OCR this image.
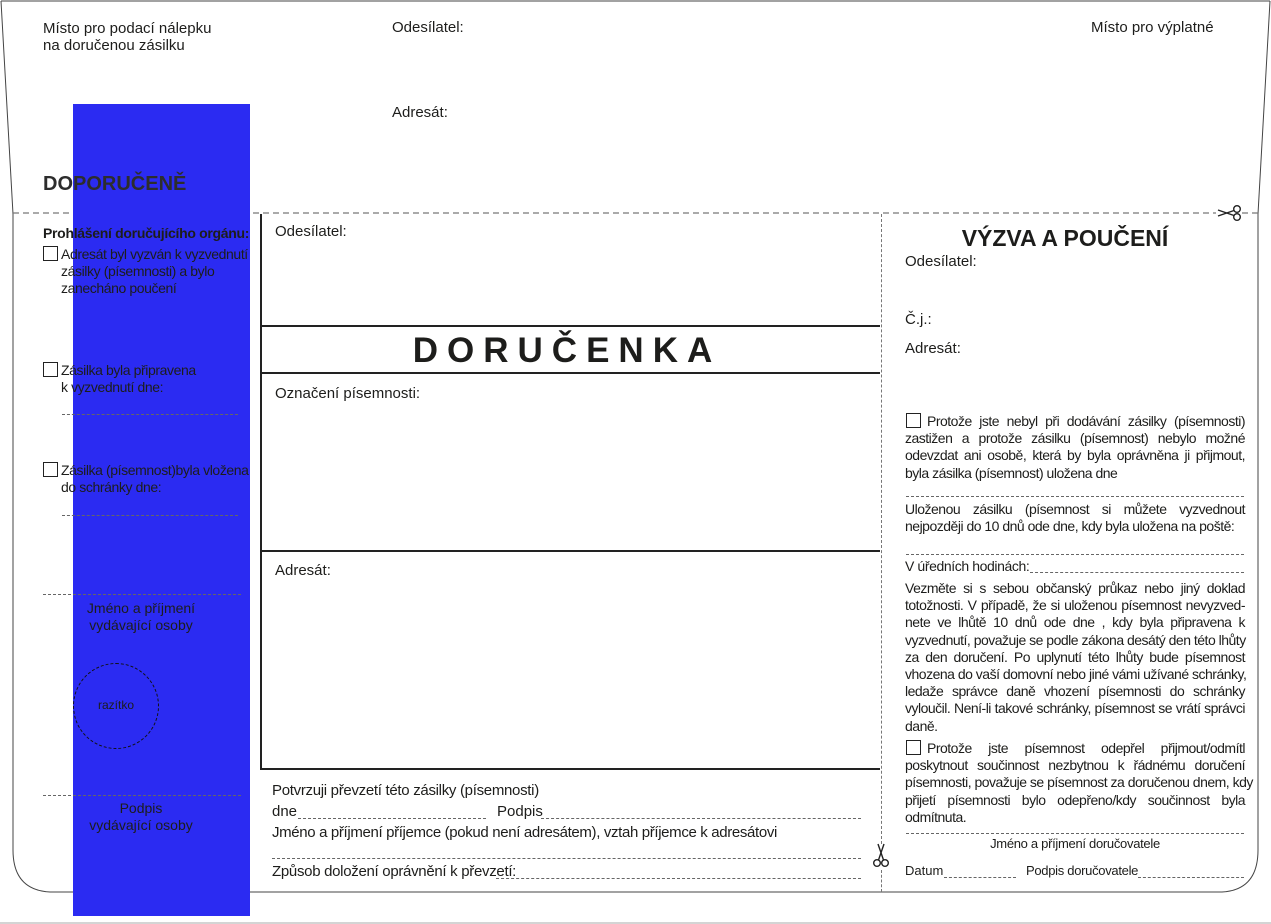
Místo pro podací nálepku
na doručenou zásilku
Odesílatel:	Místo pro výplatné
Adresát:
DOPORUČENĚ
Prohlášení doručujícího orgánu:
Adresát byl vyzván k vyzvednutí
zásilky (písemnosti) a bylo
zanecháno poučení
Zásilka byla připravena
k vyzvednutí dne:
Zásilka (písemnost)byla vložena
do schránky dne:
Jméno a příjmení
vydávající osoby
razítko
Podpis
vydávající osoby
Odesílatel:
DORUČENKA
Označení písemnosti:
Adresát:
Potvrzuji převzetí této zásilky (písemnosti)
dne	Podpis
Jméno a příjmení příjemce (pokud není adresátem), vztah příjemce k adresátovi
Způsob doložení oprávnění k převzetí:
VÝZVA A POUČENÍ
Odesílatel:
Č.j.:
Adresát:

Protože jste nebyl při dodávání zásilky (písemnosti)

zastižen a protože zásilku (písemnost) nebylo možné

odevzdat ani osobě, která by byla oprávněna ji přijmout,

byla zásilka (písemnost) uložena dne

Uloženou zásilku (písemnost si můžete vyzvednout

nejpozději do 10 dnů ode dne, kdy byla uložena na poště:

V úředních hodinách:

Vezměte si s sebou občanský průkaz nebo jiný doklad

totožnosti. V případě, že si uloženou písemnost nevyzved-

nete ve lhůtě 10 dnů ode dne , kdy byla připravena k

vyzvednutí, považuje se podle zákona desátý den této lhůty

za den doručení. Po uplynutí této lhůty bude písemnost

vhozena do vaší domovní nebo jiné vámi užívané schránky,

ledaže správce daně vhození písemnosti do schránky

vyloučil. Není-li takové schránky, písemnost se vrátí správci

daně.

Protože jste písemnost odepřel přijmout/odmítl

poskytnout součinnost nezbytnou k řádnému doručení

písemnosti, považuje se písemnost za doručenou dnem, kdy

přijetí písemnosti bylo odepřeno/kdy součinnost byla

odmítnuta.

Jméno a příjmení doručovatele
Datum	Podpis doručovatele
